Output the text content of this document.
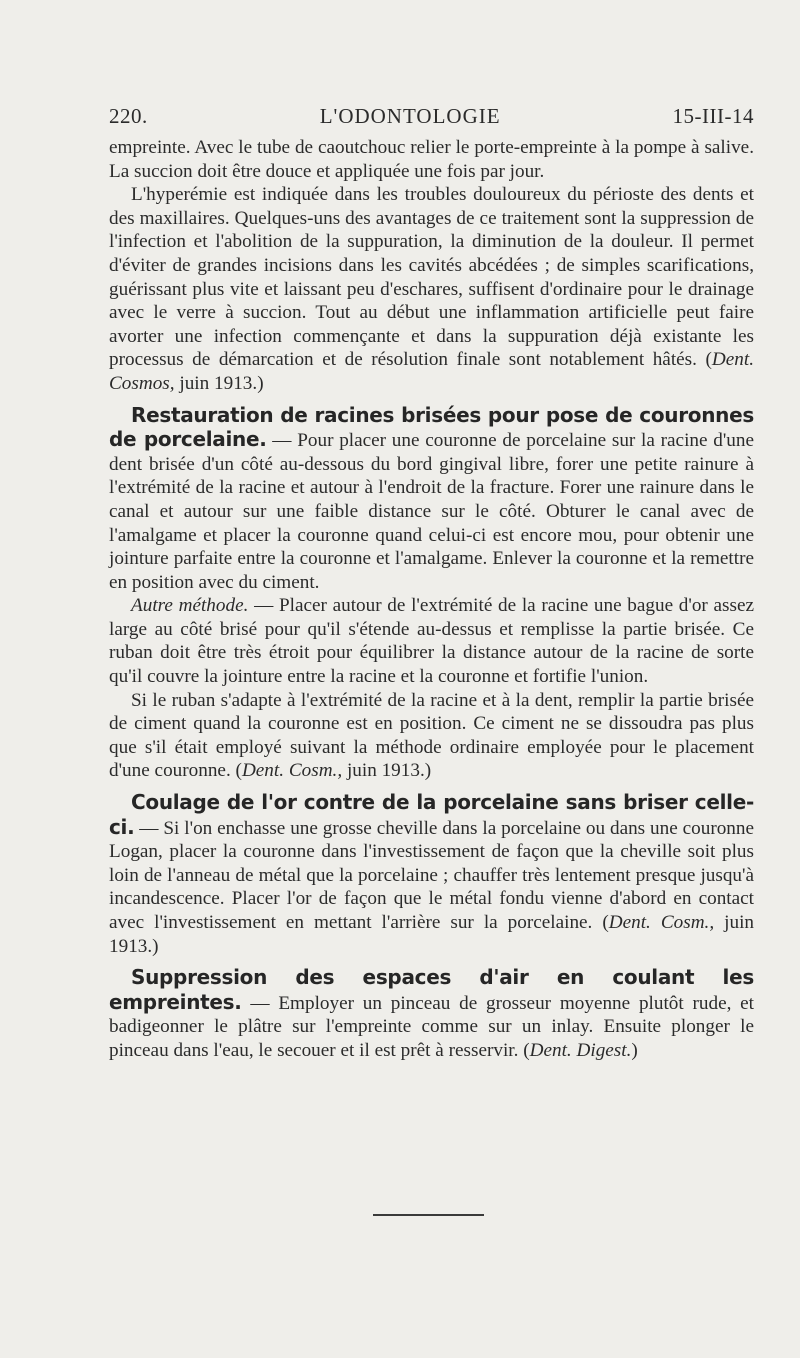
220.	L'ODONTOLOGIE	15-III-14

empreinte. Avec le tube de caoutchouc relier le porte-empreinte à la pompe à salive. La succion doit être douce et appliquée une fois par jour.

L'hyperémie est indiquée dans les troubles douloureux du périoste des dents et des maxillaires. Quelques-uns des avantages de ce traitement sont la suppression de l'infection et l'abolition de la suppuration, la diminution de la douleur. Il permet d'éviter de grandes incisions dans les cavités abcédées ; de simples scarifications, guérissant plus vite et laissant peu d'eschares, suffisent d'ordinaire pour le drainage avec le verre à succion. Tout au début une inflammation artificielle peut faire avorter une infection commençante et dans la suppuration déjà existante les processus de démarcation et de résolution finale sont notablement hâtés. (Dent. Cosmos, juin 1913.)

Restauration de racines brisées pour pose de couronnes de porcelaine. — Pour placer une couronne de porcelaine sur la racine d'une dent brisée d'un côté au-dessous du bord gingival libre, forer une petite rainure à l'extrémité de la racine et autour à l'endroit de la fracture. Forer une rainure dans le canal et autour sur une faible distance sur le côté. Obturer le canal avec de l'amalgame et placer la couronne quand celui-ci est encore mou, pour obtenir une jointure parfaite entre la couronne et l'amalgame. Enlever la couronne et la remettre en position avec du ciment.

Autre méthode. — Placer autour de l'extrémité de la racine une bague d'or assez large au côté brisé pour qu'il s'étende au-dessus et remplisse la partie brisée. Ce ruban doit être très étroit pour équilibrer la distance autour de la racine de sorte qu'il couvre la jointure entre la racine et la couronne et fortifie l'union.

Si le ruban s'adapte à l'extrémité de la racine et à la dent, remplir la partie brisée de ciment quand la couronne est en position. Ce ciment ne se dissoudra pas plus que s'il était employé suivant la méthode ordinaire employée pour le placement d'une couronne. (Dent. Cosm., juin 1913.)

Coulage de l'or contre de la porcelaine sans briser celle-ci. — Si l'on enchasse une grosse cheville dans la porcelaine ou dans une couronne Logan, placer la couronne dans l'investissement de façon que la cheville soit plus loin de l'anneau de métal que la porcelaine ; chauffer très lentement presque jusqu'à incandescence. Placer l'or de façon que le métal fondu vienne d'abord en contact avec l'investissement en mettant l'arrière sur la porcelaine. (Dent. Cosm., juin 1913.)

Suppression des espaces d'air en coulant les empreintes. — Employer un pinceau de grosseur moyenne plutôt rude, et badigeonner le plâtre sur l'empreinte comme sur un inlay. Ensuite plonger le pinceau dans l'eau, le secouer et il est prêt à resservir. (Dent. Digest.)
